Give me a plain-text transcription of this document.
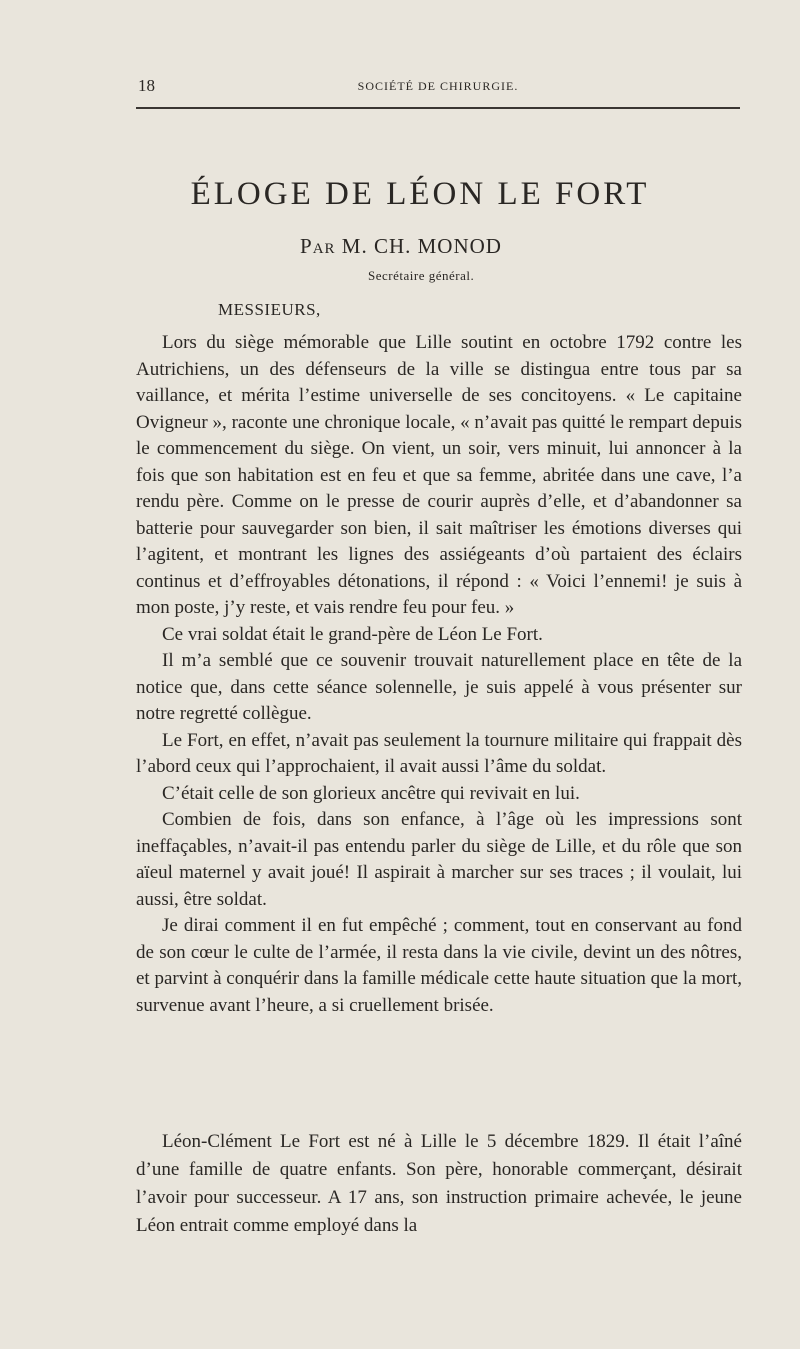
18	SOCIÉTÉ DE CHIRURGIE.
ÉLOGE DE LÉON LE FORT
PAR M. CH. MONOD
Secrétaire général.
MESSIEURS,

Lors du siège mémorable que Lille soutint en octobre 1792 contre les Autrichiens, un des défenseurs de la ville se distingua entre tous par sa vaillance, et mérita l’estime universelle de ses concitoyens. « Le capitaine Ovigneur », raconte une chronique locale, « n’avait pas quitté le rempart depuis le commencement du siège. On vient, un soir, vers minuit, lui annoncer à la fois que son habitation est en feu et que sa femme, abritée dans une cave, l’a rendu père. Comme on le presse de courir auprès d’elle, et d’abandonner sa batterie pour sauvegarder son bien, il sait maîtriser les émotions diverses qui l’agitent, et montrant les lignes des assiégeants d’où partaient des éclairs continus et d’effroyables détonations, il répond : « Voici l’ennemi! je suis à mon poste, j’y reste, et vais rendre feu pour feu. »

Ce vrai soldat était le grand-père de Léon Le Fort.

Il m’a semblé que ce souvenir trouvait naturellement place en tête de la notice que, dans cette séance solennelle, je suis appelé à vous présenter sur notre regretté collègue.

Le Fort, en effet, n’avait pas seulement la tournure militaire qui frappait dès l’abord ceux qui l’approchaient, il avait aussi l’âme du soldat.

C’était celle de son glorieux ancêtre qui revivait en lui.

Combien de fois, dans son enfance, à l’âge où les impressions sont ineffaçables, n’avait-il pas entendu parler du siège de Lille, et du rôle que son aïeul maternel y avait joué! Il aspirait à marcher sur ses traces ; il voulait, lui aussi, être soldat.

Je dirai comment il en fut empêché ; comment, tout en conservant au fond de son cœur le culte de l’armée, il resta dans la vie civile, devint un des nôtres, et parvint à conquérir dans la famille médicale cette haute situation que la mort, survenue avant l’heure, a si cruellement brisée.

Léon-Clément Le Fort est né à Lille le 5 décembre 1829. Il était l’aîné d’une famille de quatre enfants. Son père, honorable commerçant, désirait l’avoir pour successeur. A 17 ans, son instruction primaire achevée, le jeune Léon entrait comme employé dans la
